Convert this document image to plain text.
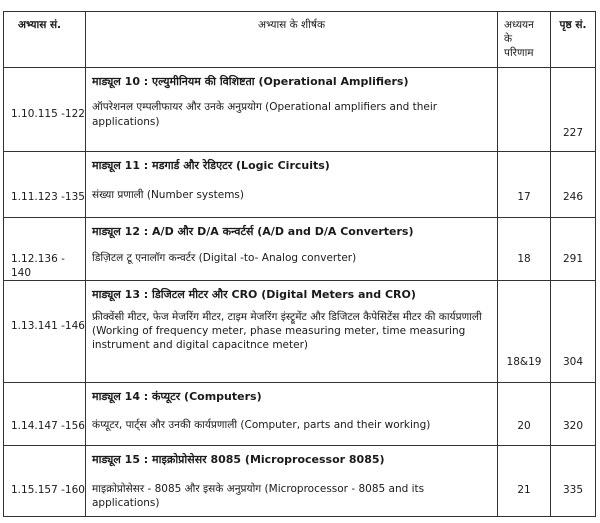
अभ्यास सं.	अभ्यास के शीर्षक	अध्ययन के परिणाम	पृष्ठ सं.

1.10.115 -122	माड्यूल 10 : एल्युमीनियम की विशिष्टता (Operational Amplifiers)
ऑपरेशनल एम्पलीफायर और उनके अनुप्रयोग (Operational amplifiers and their applications)		227

1.11.123 -135	माड्यूल 11 : मडगार्ड और रेडिएटर (Logic Circuits)
संख्या प्रणाली (Number systems)	17	246

1.12.136 - 140	माड्यूल 12 : A/D और D/A कन्वर्टर्स (A/D and D/A Converters)
डिज़िटल टू एनालॉग कन्वर्टर (Digital -to- Analog converter)	18	291

1.13.141 -146	माड्यूल 13 : डिजिटल मीटर और CRO (Digital Meters and CRO)
फ्रीक्वेंसी मीटर, फेज मेजरिंग मीटर, टाइम मेजरिंग इंस्ट्रूमेंट और डिजिटल कैपेसिटेंस मीटर की कार्यप्रणाली (Working of frequency meter, phase measuring meter, time measuring instrument and digital capacitnce meter)	18&19	304

1.14.147 -156	माड्यूल 14 : कंप्यूटर (Computers)
कंप्यूटर, पार्ट्स और उनकी कार्यप्रणाली (Computer, parts and their working)	20	320

1.15.157 -160	माड्यूल 15 : माइक्रोप्रोसेसर 8085 (Microprocessor 8085)
माइक्रोप्रोसेसर - 8085 और इसके अनुप्रयोग (Microprocessor - 8085 and its applications)	21	335
